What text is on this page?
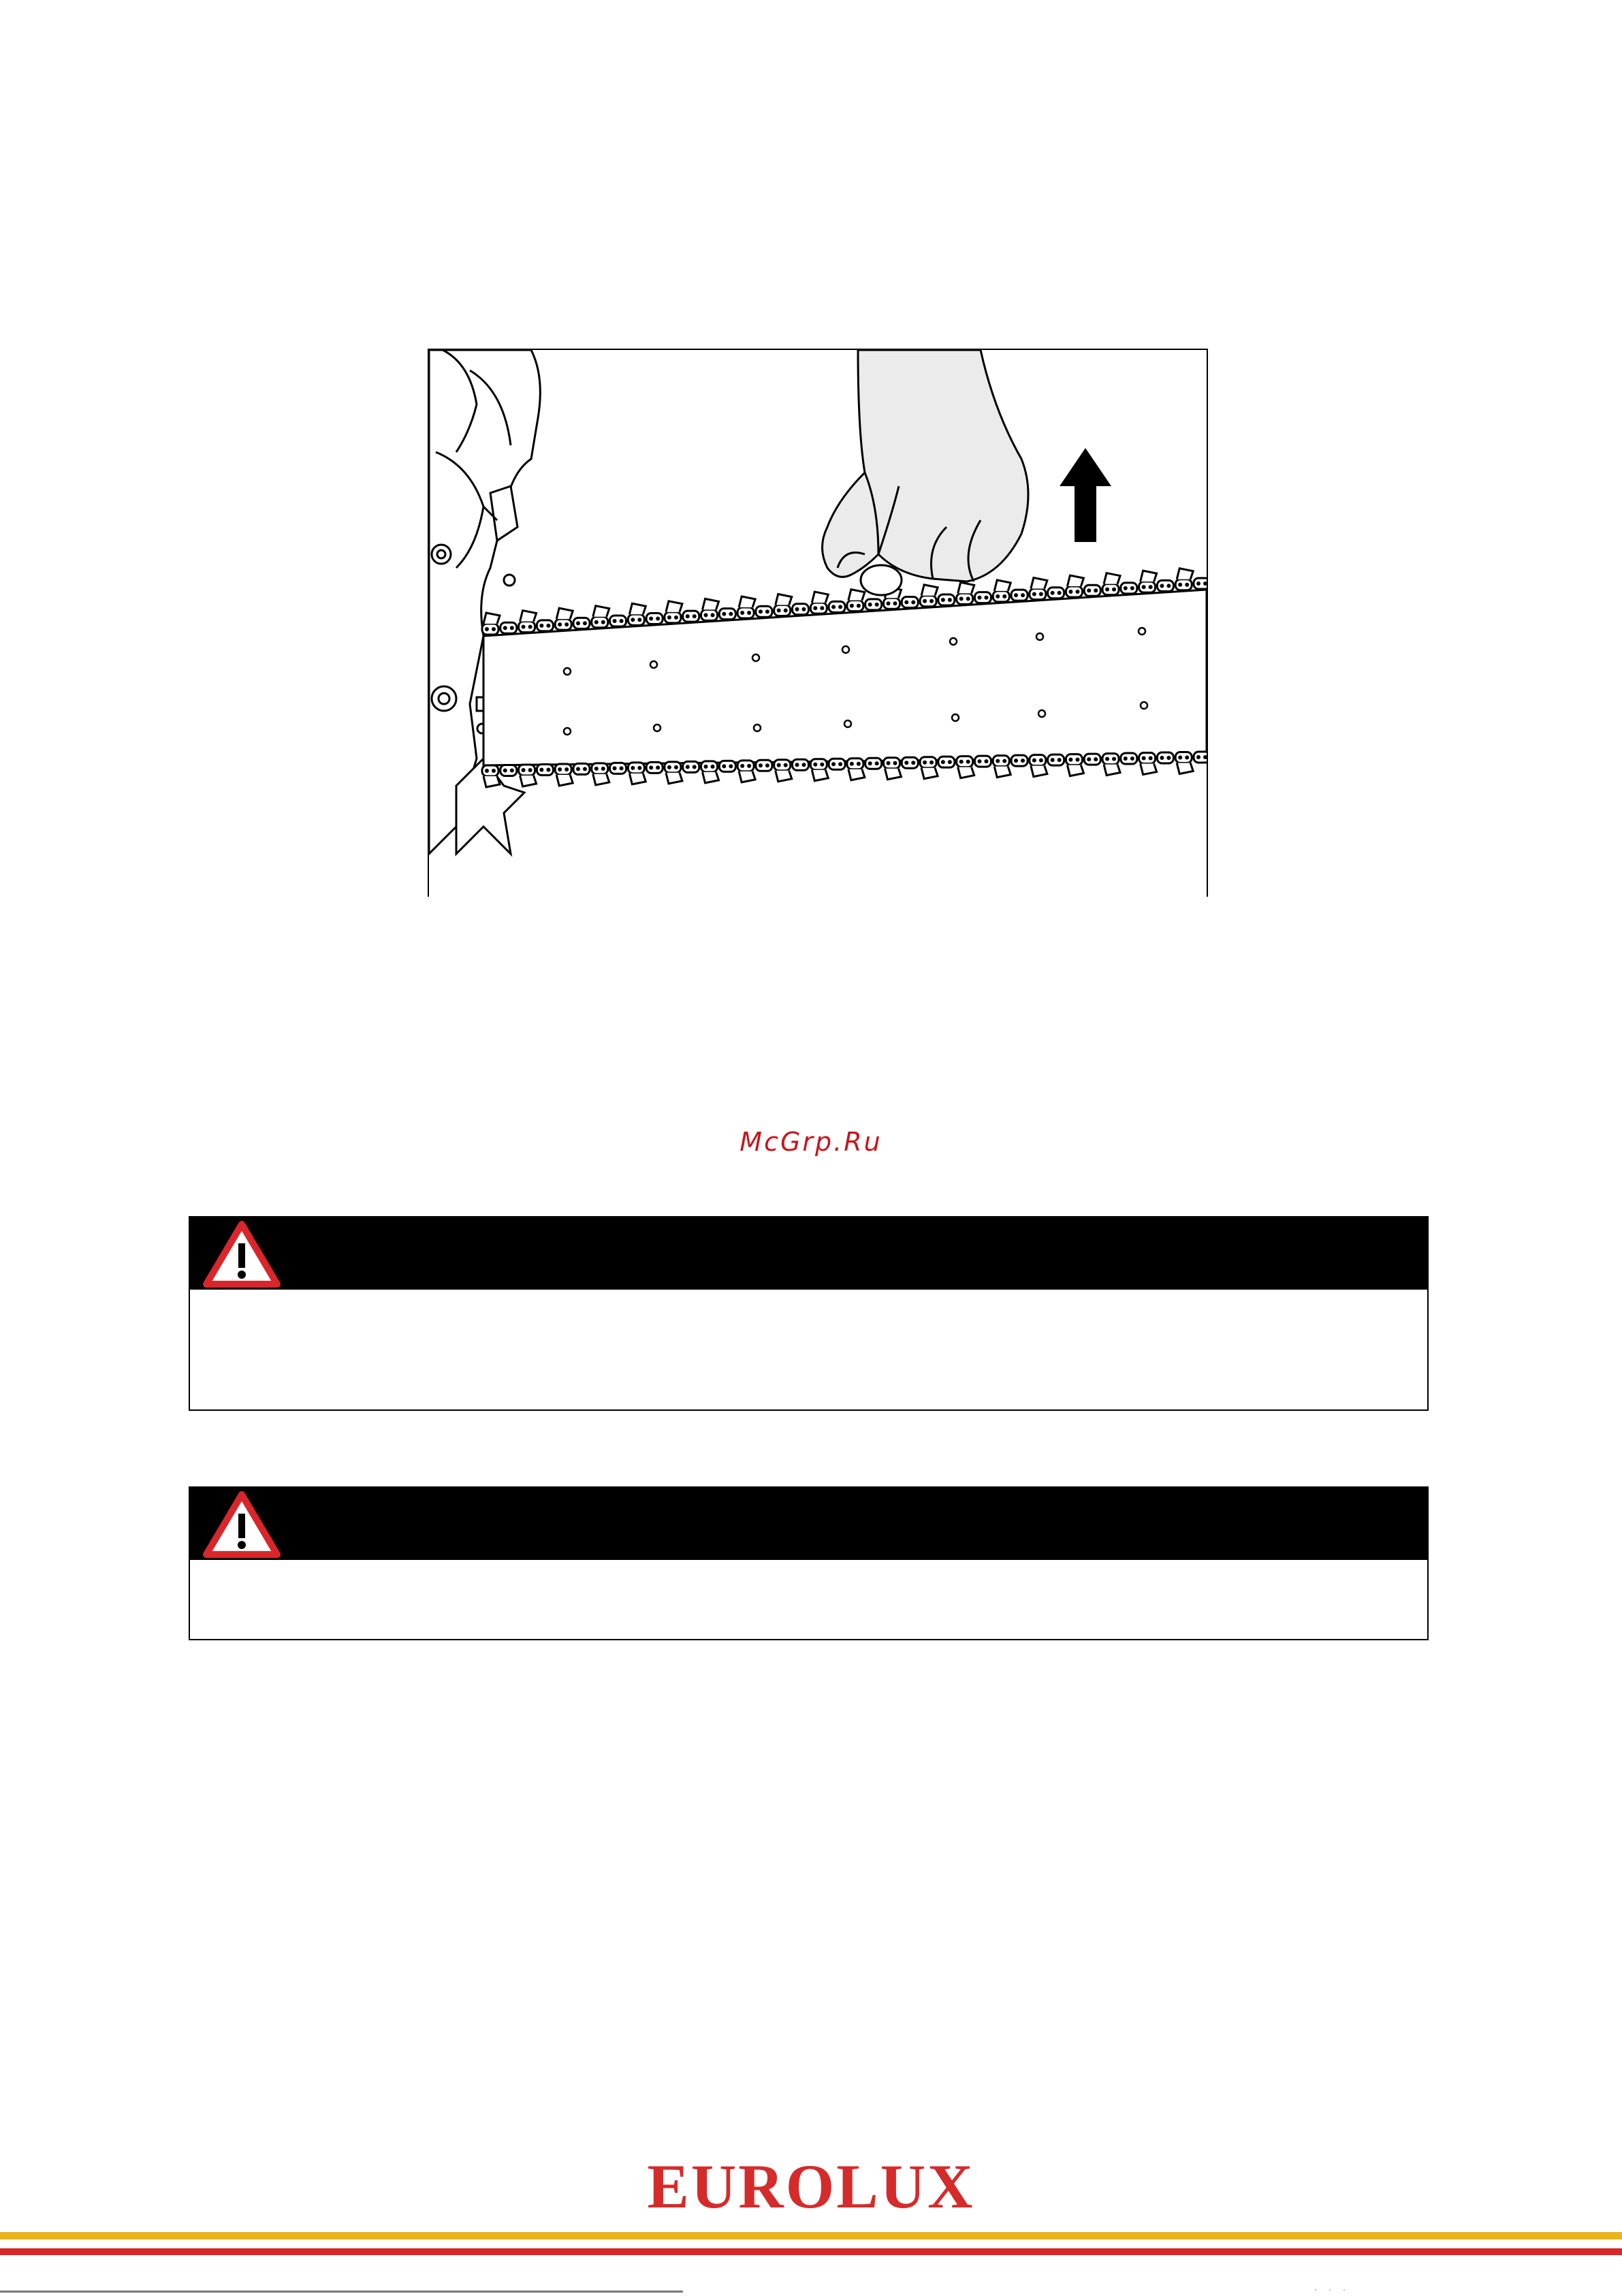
McGrp.Ru
EUROLUX
· · ·
